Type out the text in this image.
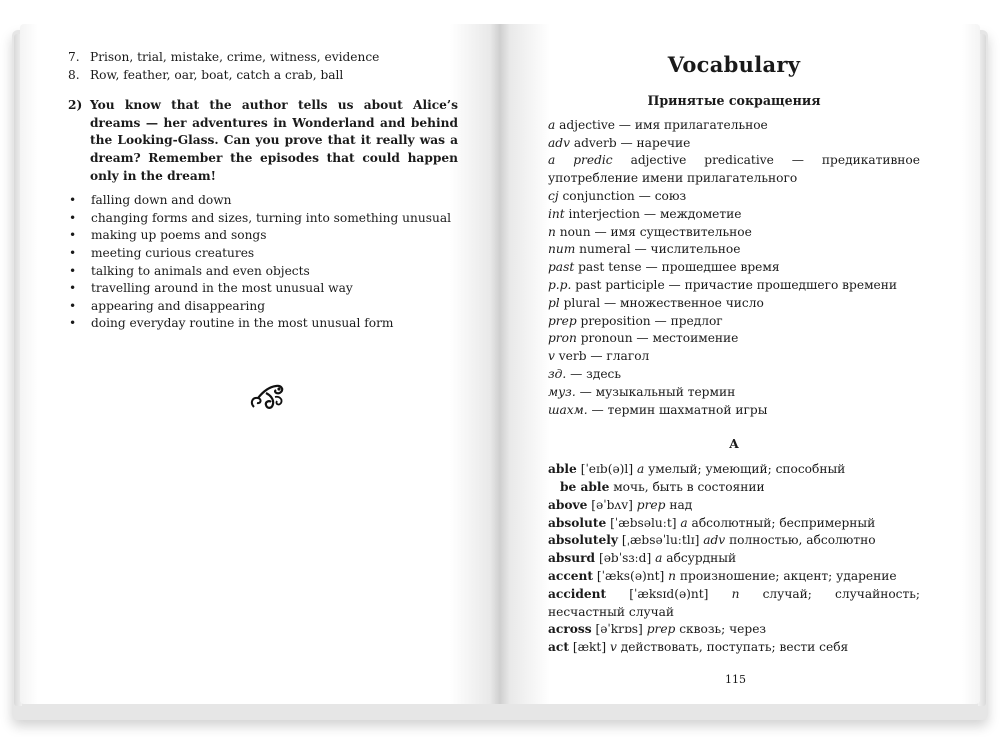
7. Prison, trial, mistake, crime, witness, evidence
8. Row, feather, oar, boat, catch a crab, ball
2) You know that the author tells us about Alice’s dreams — her adventures in Wonderland and behind the Looking-Glass. Can you prove that it really was a dream? Remember the episodes that could happen only in the dream!
•	falling down and down
•	changing forms and sizes, turning into something unusual
•	making up poems and songs
•	meeting curious creatures
•	talking to animals and even objects
•	travelling around in the most unusual way
•	appearing and disappearing
•	doing everyday routine in the most unusual form
Vocabulary
Принятые сокращения
a adjective — имя прилагательное
adv adverb — наречие
a predic adjective predicative — предикативное употребление имени прилагательного
cj conjunction — союз
int interjection — междометие
n noun — имя существительное
num numeral — числительное
past past tense — прошедшее время
p.p. past participle — причастие прошедшего времени
pl plural — множественное число
prep preposition — предлог
pron pronoun — местоимение
v verb — глагол
зд. — здесь
муз. — музыкальный термин
шахм. — термин шахматной игры
A
able [ˈeɪb(ə)l] a умелый; умеющий; способный
be able мочь, быть в состоянии
above [əˈbʌv] prep над
absolute [ˈæbsəluːt] a абсолютный; беспримерный
absolutely [ˌæbsəˈluːtlɪ] adv полностью, абсолютно
absurd [əbˈsɜːd] a абсурдный
accent [ˈæks(ə)nt] n произношение; акцент; ударение
accident [ˈæksɪd(ə)nt] n случай; случайность; несчастный случай
across [əˈkrɒs] prep сквозь; через
act [ækt] v действовать, поступать; вести себя
115
